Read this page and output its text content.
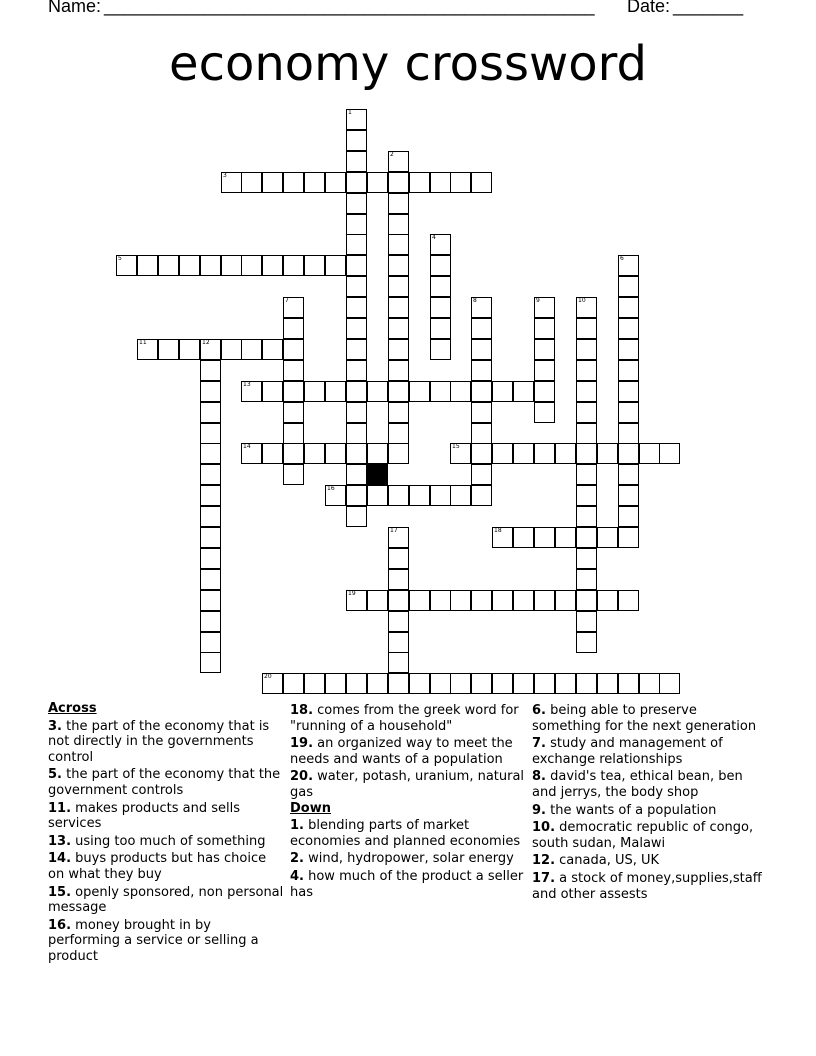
Name: _________________________________________________ Date: _______
economy crossword
1
2
3
4
5	6
7	8	9	10
11	12
13
14	15
16
17	18
19
20
Across
3. the part of the economy that is not directly in the governments control
5. the part of the economy that the government controls
11. makes products and sells services
13. using too much of something
14. buys products but has choice on what they buy
15. openly sponsored, non personal message
16. money brought in by performing a service or selling a product
18. comes from the greek word for "running of a household"
19. an organized way to meet the needs and wants of a population
20. water, potash, uranium, natural gas
Down
1. blending parts of market economies and planned economies
2. wind, hydropower, solar energy
4. how much of the product a seller has
6. being able to preserve something for the next generation
7. study and management of exchange relationships
8. david's tea, ethical bean, ben and jerrys, the body shop
9. the wants of a population
10. democratic republic of congo, south sudan, Malawi
12. canada, US, UK
17. a stock of money,supplies,staff and other assests
